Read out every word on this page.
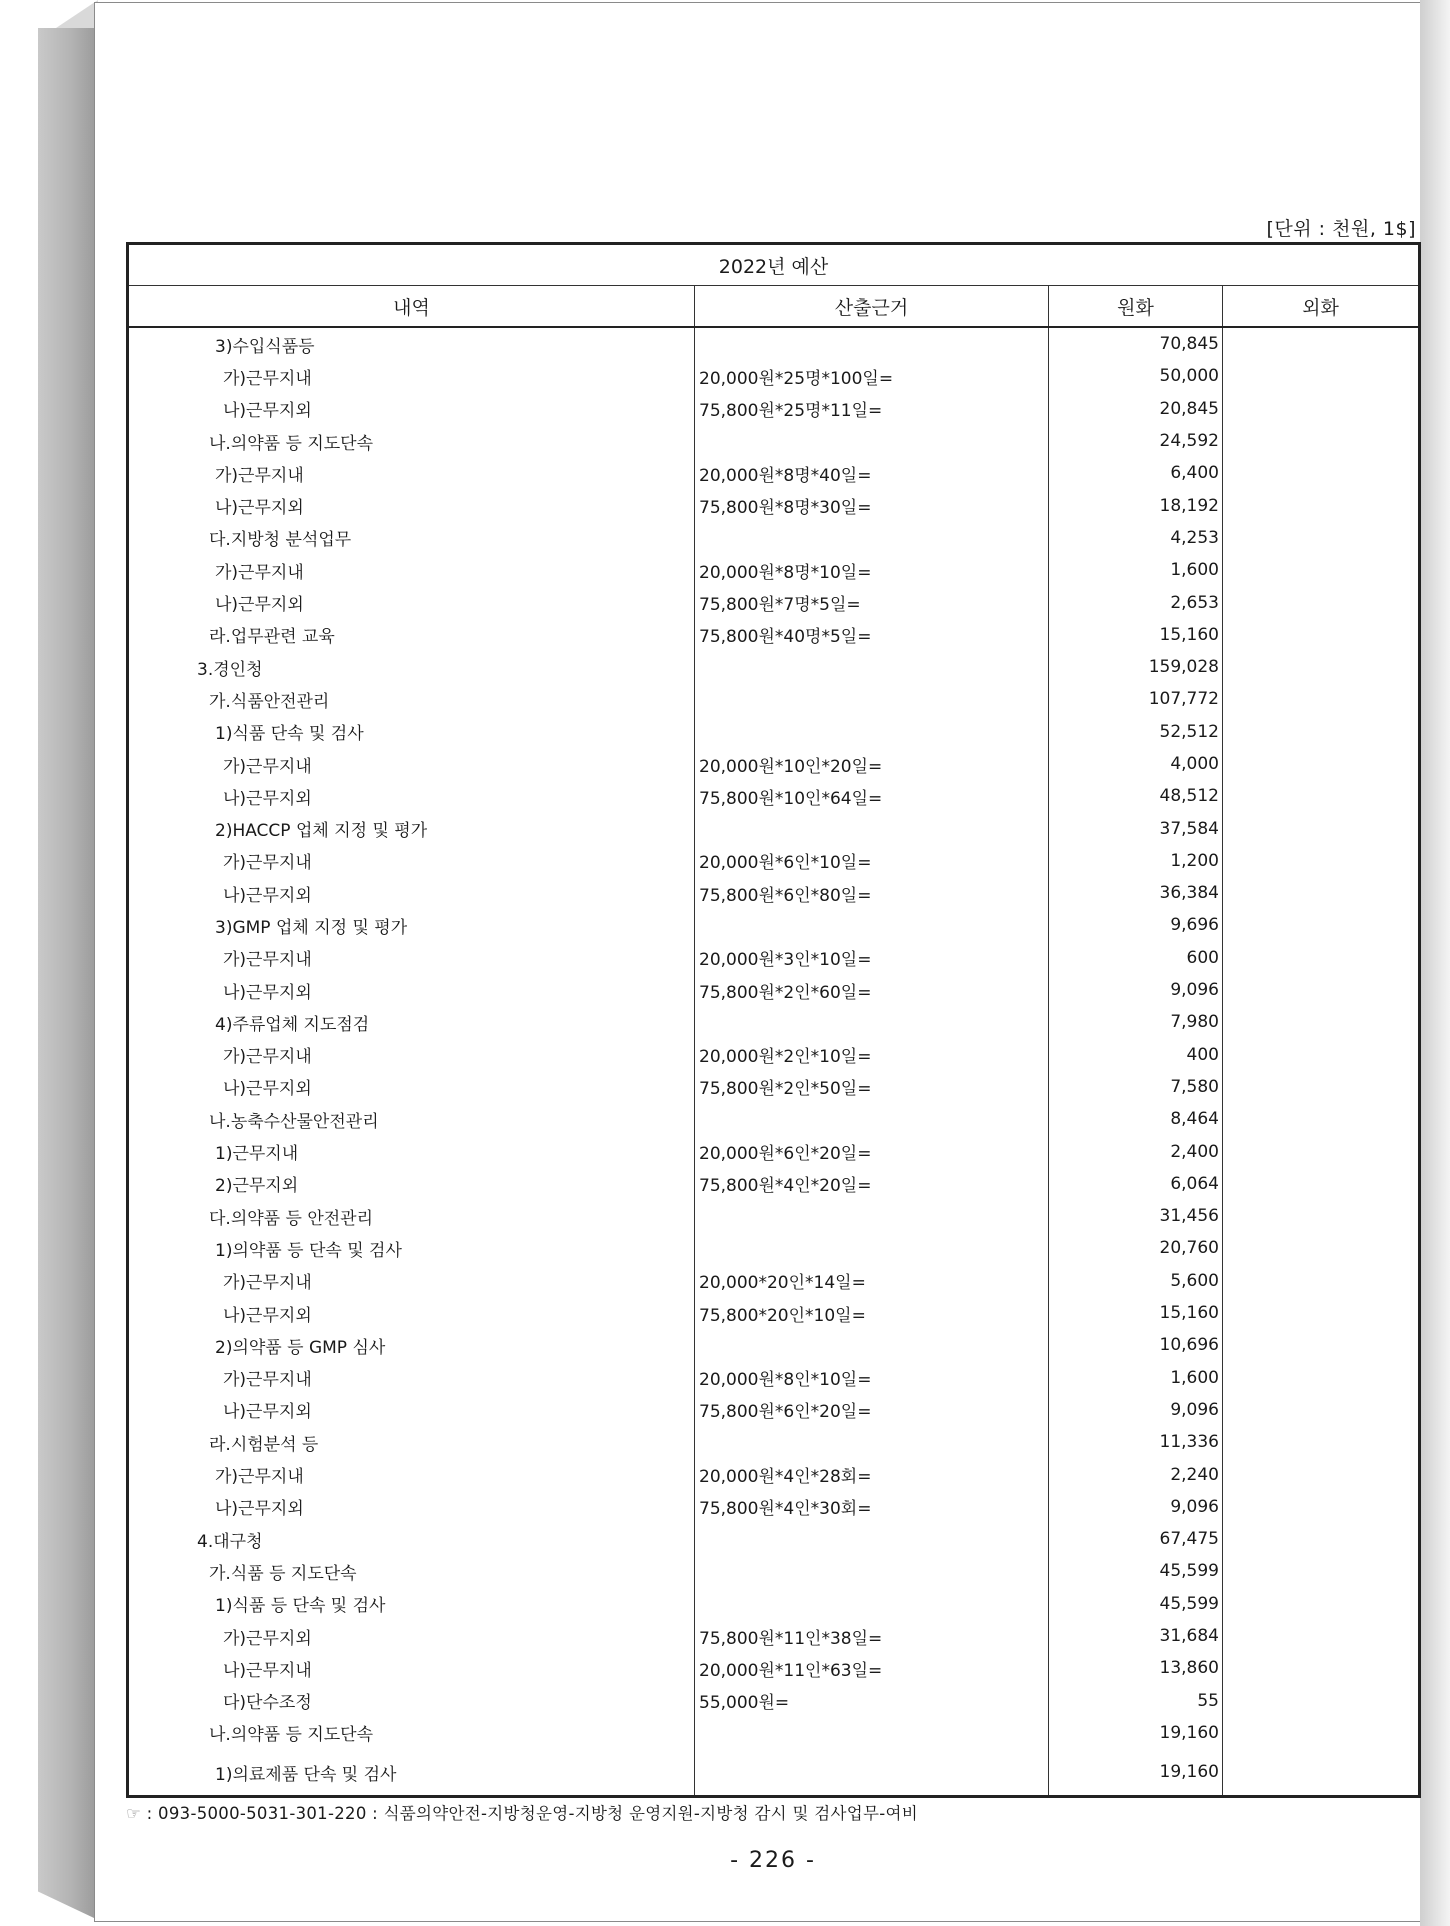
[단위 : 천원, 1$]
2022년 예산			
내역	산출근거	원화	외화
3)수입식품등		70,845	
가)근무지내	20,000원*25명*100일=	50,000	
나)근무지외	75,800원*25명*11일=	20,845	
나.의약품 등 지도단속		24,592	
가)근무지내	20,000원*8명*40일=	6,400	
나)근무지외	75,800원*8명*30일=	18,192	
다.지방청 분석업무		4,253	
가)근무지내	20,000원*8명*10일=	1,600	
나)근무지외	75,800원*7명*5일=	2,653	
라.업무관련 교육	75,800원*40명*5일=	15,160	
3.경인청		159,028	
가.식품안전관리		107,772	
1)식품 단속 및 검사		52,512	
가)근무지내	20,000원*10인*20일=	4,000	
나)근무지외	75,800원*10인*64일=	48,512	
2)HACCP 업체 지정 및 평가		37,584	
가)근무지내	20,000원*6인*10일=	1,200	
나)근무지외	75,800원*6인*80일=	36,384	
3)GMP 업체 지정 및 평가		9,696	
가)근무지내	20,000원*3인*10일=	600	
나)근무지외	75,800원*2인*60일=	9,096	
4)주류업체 지도점검		7,980	
가)근무지내	20,000원*2인*10일=	400	
나)근무지외	75,800원*2인*50일=	7,580	
나.농축수산물안전관리		8,464	
1)근무지내	20,000원*6인*20일=	2,400	
2)근무지외	75,800원*4인*20일=	6,064	
다.의약품 등 안전관리		31,456	
1)의약품 등 단속 및 검사		20,760	
가)근무지내	20,000*20인*14일=	5,600	
나)근무지외	75,800*20인*10일=	15,160	
2)의약품 등 GMP 심사		10,696	
가)근무지내	20,000원*8인*10일=	1,600	
나)근무지외	75,800원*6인*20일=	9,096	
라.시험분석 등		11,336	
가)근무지내	20,000원*4인*28회=	2,240	
나)근무지외	75,800원*4인*30회=	9,096	
4.대구청		67,475	
가.식품 등 지도단속		45,599	
1)식품 등 단속 및 검사		45,599	
가)근무지외	75,800원*11인*38일=	31,684	
나)근무지내	20,000원*11인*63일=	13,860	
다)단수조정	55,000원=	55	
나.의약품 등 지도단속		19,160	
1)의료제품 단속 및 검사		19,160	
☞ : 093-5000-5031-301-220 : 식품의약안전-지방청운영-지방청 운영지원-지방청 감시 및 검사업무-여비
- 226 -
